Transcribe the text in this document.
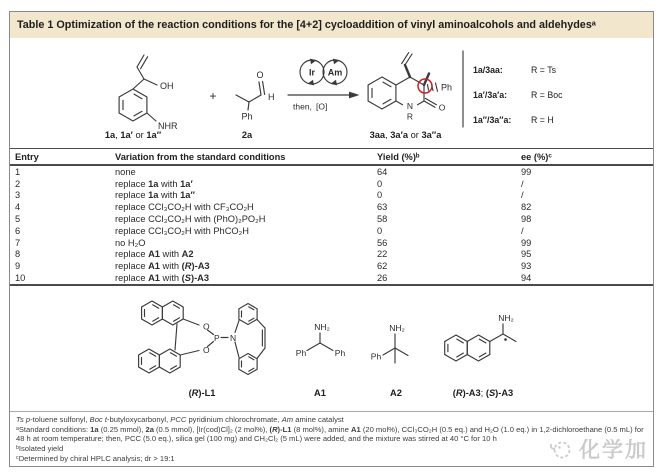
Table 1 Optimization of the reaction conditions for the [4+2] cycloaddition of vinyl aminoalcohols and aldehydesᵃ
OH
NHR
+
O
H
Ph
Ir Am
then, [O]	N
R
O
Ph
1a, 1a′ or 1a″	2a	3aa, 3a′a or 3a″a
1a/3aa:	R = Ts
1a′/3a′a:	R = Boc
1a″/3a″a: R = H
Entry	Variation from the standard conditions	Yield (%)ᵇ	ee (%)ᶜ
1	none	64	99
2	replace 1a with 1a′	0	/
3	replace 1a with 1a″	0	/
4	replace CCl₃CO₂H with CF₃CO₂H	63	82
5	replace CCl₃CO₂H with (PhO)₂PO₂H	58	98
6	replace CCl₃CO₂H with PhCO₂H	0	/
7	no H₂O	56	99
8	replace A1 with A2	22	95
9	replace A1 with (R)-A3	62	93
10	replace A1 with (S)-A3	26	94
O
O
P N
NH₂
Ph	Ph
NH₂
Ph
NH₂
(R)-L1	A1	A2	(R)-A3; (S)-A3
Ts p-toluene sulfonyl, Boc t-butyloxycarbonyl, PCC pyridinium chlorochromate, Am amine catalyst
ᵃStandard conditions: 1a (0.25 mmol), 2a (0.5 mmol), [Ir(cod)Cl]₂ (2 mol%), (R)-L1 (8 mol%), amine A1 (20 mol%), CCl₃CO₂H (0.5 eq.) and H₂O (1.0 eq.) in 1,2-dichloroethane (0.5 mL) for 48 h at room temperature; then, PCC (5.0 eq.), silica gel (100 mg) and CH₂Cl₂ (5 mL) were added, and the mixture was stirred at 40 °C for 10 h
ᵇIsolated yield
ᶜDetermined by chiral HPLC analysis; dr > 19:1	化学加
